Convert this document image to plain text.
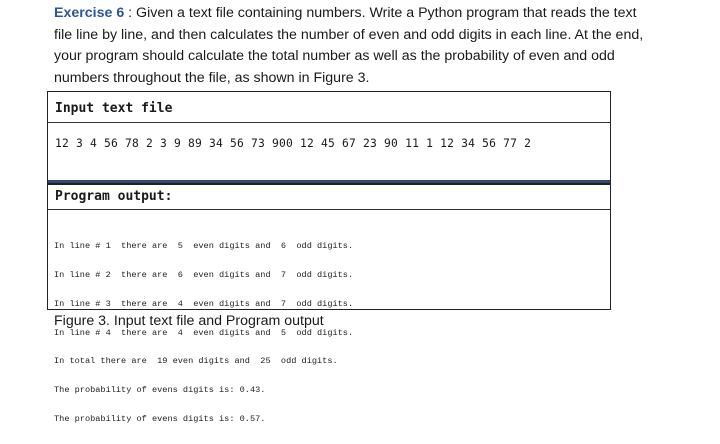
Exercise 6 : Given a text file containing numbers. Write a Python program that reads the text
file line by line, and then calculates the number of even and odd digits in each line. At the end,
your program should calculate the total number as well as the probability of even and odd
numbers throughout the file, as shown in Figure 3.
Input text file
12 3 4 56 78 2 3 9 89 34 56 73 900 12 45 67 23 90 11 1 12 34 56 77 2
Program output:

In line # 1  there are  5  even digits and  6  odd digits.

In line # 2  there are  6  even digits and  7  odd digits.

In line # 3  there are  4  even digits and  7  odd digits.

In line # 4  there are  4  even digits and  5  odd digits.

In total there are  19 even digits and  25  odd digits.

The probability of evens digits is: 0.43.

The probability of evens digits is: 0.57.

Figure 3. Input text file and Program output
